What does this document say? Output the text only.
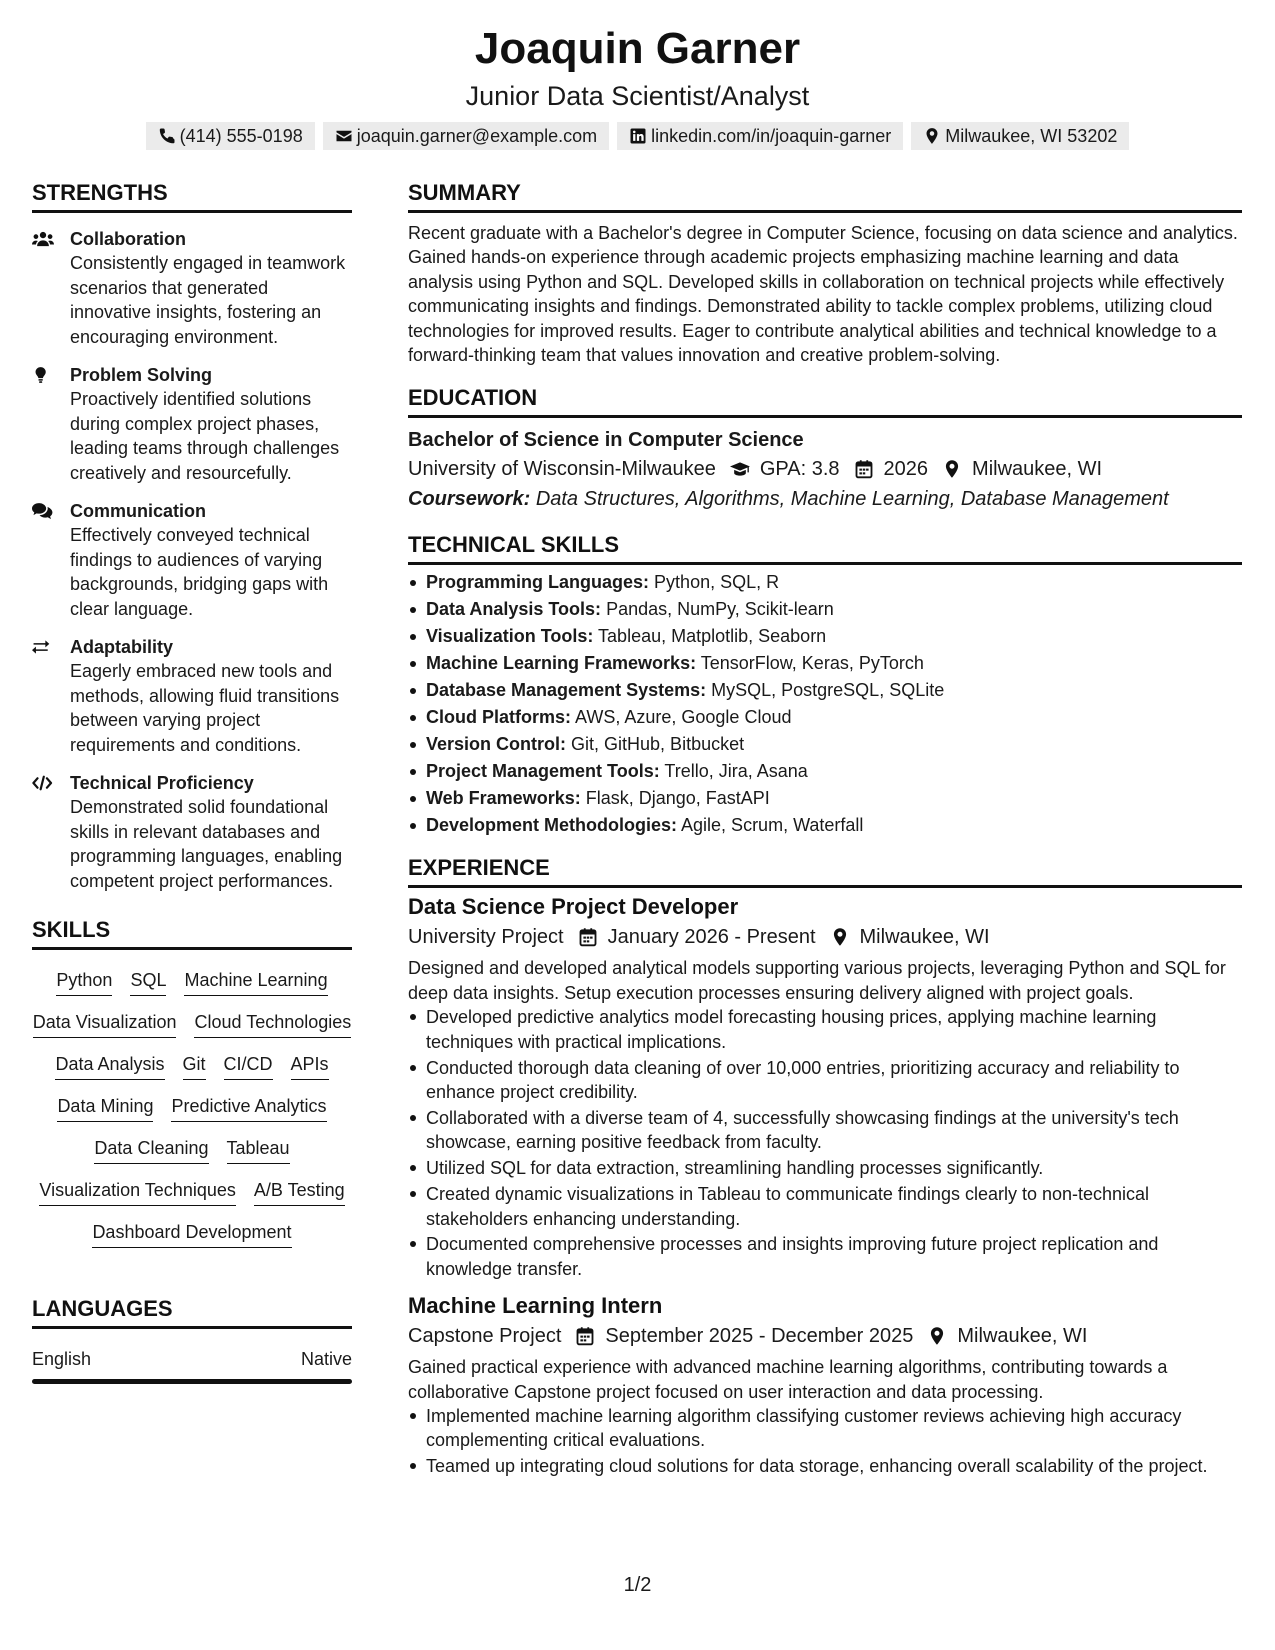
Joaquin Garner
Junior Data Scientist/Analyst
(414) 555-0198	joaquin.garner@example.com	linkedin.com/in/joaquin-garner	Milwaukee, WI 53202
STRENGTHS
Collaboration
Consistently engaged in teamwork scenarios that generated innovative insights, fostering an encouraging environment.
Problem Solving
Proactively identified solutions during complex project phases, leading teams through challenges creatively and resourcefully.
Communication
Effectively conveyed technical findings to audiences of varying backgrounds, bridging gaps with clear language.
Adaptability
Eagerly embraced new tools and methods, allowing fluid transitions between varying project requirements and conditions.
Technical Proficiency
Demonstrated solid foundational skills in relevant databases and programming languages, enabling competent project performances.
SKILLS
Python SQL Machine Learning
Data Visualization Cloud Technologies
Data Analysis Git CI/CD APIs
Data Mining Predictive Analytics
Data Cleaning Tableau
Visualization Techniques A/B Testing
Dashboard Development
LANGUAGES
English	Native
SUMMARY
Recent graduate with a Bachelor's degree in Computer Science, focusing on data science and analytics. Gained hands-on experience through academic projects emphasizing machine learning and data analysis using Python and SQL. Developed skills in collaboration on technical projects while effectively communicating insights and findings. Demonstrated ability to tackle complex problems, utilizing cloud technologies for improved results. Eager to contribute analytical abilities and technical knowledge to a forward-thinking team that values innovation and creative problem-solving.
EDUCATION
Bachelor of Science in Computer Science
University of Wisconsin-Milwaukee GPA: 3.8 2026 Milwaukee, WI
Coursework: Data Structures, Algorithms, Machine Learning, Database Management
TECHNICAL SKILLS
Programming Languages: Python, SQL, R
Data Analysis Tools: Pandas, NumPy, Scikit-learn
Visualization Tools: Tableau, Matplotlib, Seaborn
Machine Learning Frameworks: TensorFlow, Keras, PyTorch
Database Management Systems: MySQL, PostgreSQL, SQLite
Cloud Platforms: AWS, Azure, Google Cloud
Version Control: Git, GitHub, Bitbucket
Project Management Tools: Trello, Jira, Asana
Web Frameworks: Flask, Django, FastAPI
Development Methodologies: Agile, Scrum, Waterfall
EXPERIENCE
Data Science Project Developer
University Project January 2026 - Present Milwaukee, WI
Designed and developed analytical models supporting various projects, leveraging Python and SQL for deep data insights. Setup execution processes ensuring delivery aligned with project goals.
Developed predictive analytics model forecasting housing prices, applying machine learning techniques with practical implications.
Conducted thorough data cleaning of over 10,000 entries, prioritizing accuracy and reliability to enhance project credibility.
Collaborated with a diverse team of 4, successfully showcasing findings at the university's tech showcase, earning positive feedback from faculty.
Utilized SQL for data extraction, streamlining handling processes significantly.
Created dynamic visualizations in Tableau to communicate findings clearly to non-technical stakeholders enhancing understanding.
Documented comprehensive processes and insights improving future project replication and knowledge transfer.
Machine Learning Intern
Capstone Project September 2025 - December 2025 Milwaukee, WI
Gained practical experience with advanced machine learning algorithms, contributing towards a collaborative Capstone project focused on user interaction and data processing.
Implemented machine learning algorithm classifying customer reviews achieving high accuracy complementing critical evaluations.
Teamed up integrating cloud solutions for data storage, enhancing overall scalability of the project.
1/2
